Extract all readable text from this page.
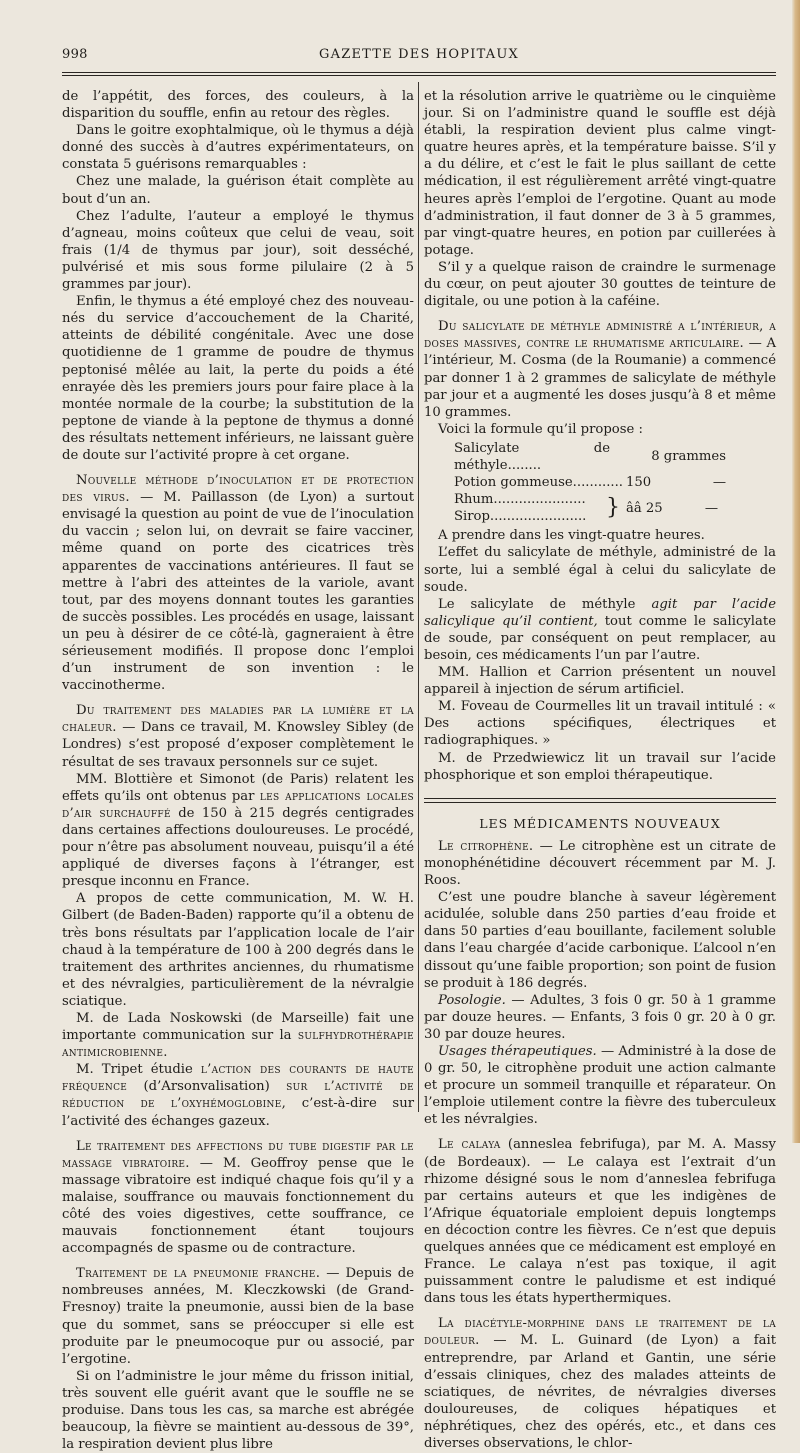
998	GAZETTE DES HOPITAUX

de l’appétit, des forces, des couleurs, à la disparition du souffle, enfin au retour des règles.

Dans le goitre exophtalmique, où le thymus a déjà donné des succès à d’autres expérimentateurs, on constata 5 guérisons remarquables :

Chez une malade, la guérison était complète au bout d’un an.

Chez l’adulte, l’auteur a employé le thymus d’agneau, moins coûteux que celui de veau, soit frais (1/4 de thymus par jour), soit desséché, pulvérisé et mis sous forme pilulaire (2 à 5 grammes par jour).

Enfin, le thymus a été employé chez des nouveau-nés du service d’accouchement de la Charité, atteints de débilité congénitale. Avec une dose quotidienne de 1 gramme de poudre de thymus peptonisé mêlée au lait, la perte du poids a été enrayée dès les premiers jours pour faire place à la montée normale de la courbe; la substitution de la peptone de viande à la peptone de thymus a donné des résultats nettement inférieurs, ne laissant guère de doute sur l’activité propre à cet organe.

Nouvelle méthode d’inoculation et de protection des virus. — M. Paillasson (de Lyon) a surtout envisagé la question au point de vue de l’inoculation du vaccin ; selon lui, on devrait se faire vacciner, même quand on porte des cicatrices très apparentes de vaccinations antérieures. Il faut se mettre à l’abri des atteintes de la variole, avant tout, par des moyens donnant toutes les garanties de succès possibles. Les procédés en usage, laissant un peu à désirer de ce côté-là, gagneraient à être sérieusement modifiés. Il propose donc l’emploi d’un instrument de son invention : le vaccinotherme.

Du traitement des maladies par la lumière et la chaleur. — Dans ce travail, M. Knowsley Sibley (de Londres) s’est proposé d’exposer complètement le résultat de ses travaux personnels sur ce sujet.

MM. Blottière et Simonot (de Paris) relatent les effets qu’ils ont obtenus par les applications locales d’air surchauffé de 150 à 215 degrés centigrades dans certaines affections douloureuses. Le procédé, pour n’être pas absolument nouveau, puisqu’il a été appliqué de diverses façons à l’étranger, est presque inconnu en France.

A propos de cette communication, M. W. H. Gilbert (de Baden-Baden) rapporte qu’il a obtenu de très bons résultats par l’application locale de l’air chaud à la température de 100 à 200 degrés dans le traitement des arthrites anciennes, du rhumatisme et des névralgies, particulièrement de la névralgie sciatique.

M. de Lada Noskowski (de Marseille) fait une importante communication sur la sulfhydrothérapie antimicrobienne.

M. Tripet étudie l’action des courants de haute fréquence (d’Arsonvalisation) sur l’activité de réduction de l’oxyhémoglobine, c’est-à-dire sur l’activité des échanges gazeux.

Le traitement des affections du tube digestif par le massage vibratoire. — M. Geoffroy pense que le massage vibratoire est indiqué chaque fois qu’il y a malaise, souffrance ou mauvais fonctionnement du côté des voies digestives, cette souffrance, ce mauvais fonctionnement étant toujours accompagnés de spasme ou de contracture.

Traitement de la pneumonie franche. — Depuis de nombreuses années, M. Kleczkowski (de Grand-Fresnoy) traite la pneumonie, aussi bien de la base que du sommet, sans se préoccuper si elle est produite par le pneumocoque pur ou associé, par l’ergotine.

Si on l’administre le jour même du frisson initial, très souvent elle guérit avant que le souffle ne se produise. Dans tous les cas, sa marche est abrégée beaucoup, la fièvre se maintient au-dessous de 39°, la respiration devient plus libre

et la résolution arrive le quatrième ou le cinquième jour. Si on l’administre quand le souffle est déjà établi, la respiration devient plus calme vingt-quatre heures après, et la température baisse. S’il y a du délire, et c’est le fait le plus saillant de cette médication, il est régulièrement arrêté vingt-quatre heures après l’emploi de l’ergotine. Quant au mode d’administration, il faut donner de 3 à 5 grammes, par vingt-quatre heures, en potion par cuillerées à potage.

S’il y a quelque raison de craindre le surmenage du cœur, on peut ajouter 30 gouttes de teinture de digitale, ou une potion à la caféine.

Du salicylate de méthyle administré a l’intérieur, a doses massives, contre le rhumatisme articulaire. — A l’intérieur, M. Cosma (de la Roumanie) a commencé par donner 1 à 2 grammes de salicylate de méthyle par jour et a augmenté les doses jusqu’à 8 et même 10 grammes.

Voici la formule qu’il propose :

Salicylate de méthyle........
8 grammes
Potion gommeuse............ 150	—
Rhum......................
Sirop....................... } ââ 25	—

A prendre dans les vingt-quatre heures.

L’effet du salicylate de méthyle, administré de la sorte, lui a semblé égal à celui du salicylate de soude.

Le salicylate de méthyle agit par l’acide salicylique qu’il contient, tout comme le salicylate de soude, par conséquent on peut remplacer, au besoin, ces médicaments l’un par l’autre.

MM. Hallion et Carrion présentent un nouvel appareil à injection de sérum artificiel.

M. Foveau de Courmelles lit un travail intitulé : « Des actions spécifiques, électriques et radiographiques. »

M. de Przedwiewicz lit un travail sur l’acide phosphorique et son emploi thérapeutique.

LES MÉDICAMENTS NOUVEAUX

Le citrophène. — Le citrophène est un citrate de monophénétidine découvert récemment par M. J. Roos.

C’est une poudre blanche à saveur légèrement acidulée, soluble dans 250 parties d’eau froide et dans 50 parties d’eau bouillante, facilement soluble dans l’eau chargée d’acide carbonique. L’alcool n’en dissout qu’une faible proportion; son point de fusion se produit à 186 degrés.

Posologie. — Adultes, 3 fois 0 gr. 50 à 1 gramme par douze heures. — Enfants, 3 fois 0 gr. 20 à 0 gr. 30 par douze heures.

Usages thérapeutiques. — Administré à la dose de 0 gr. 50, le citrophène produit une action calmante et procure un sommeil tranquille et réparateur. On l’emploie utilement contre la fièvre des tuberculeux et les névralgies.

Le calaya (anneslea febrifuga), par M. A. Massy (de Bordeaux). — Le calaya est l’extrait d’un rhizome désigné sous le nom d’anneslea febrifuga par certains auteurs et que les indigènes de l’Afrique équatoriale emploient depuis longtemps en décoction contre les fièvres. Ce n’est que depuis quelques années que ce médicament est employé en France. Le calaya n’est pas toxique, il agit puissamment contre le paludisme et est indiqué dans tous les états hyperthermiques.

La diacétyle-morphine dans le traitement de la douleur. — M. L. Guinard (de Lyon) a fait entreprendre, par Arland et Gantin, une série d’essais cliniques, chez des malades atteints de sciatiques, de névrites, de névralgies diverses douloureuses, de coliques hépatiques et néphrétiques, chez des opérés, etc., et dans ces diverses observations, le chlor-
